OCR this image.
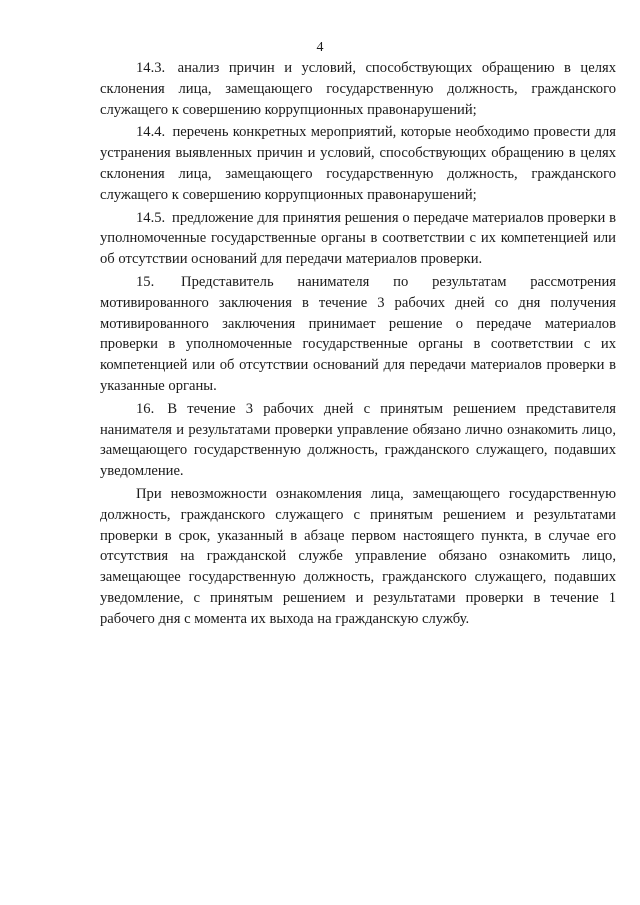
4

14.3. анализ причин и условий, способствующих обращению в целях склонения лица, замещающего государственную должность, гражданского служащего к совершению коррупционных правонарушений;

14.4. перечень конкретных мероприятий, которые необходимо провести для устранения выявленных причин и условий, способствующих обращению в целях склонения лица, замещающего государственную должность, гражданского служащего к совершению коррупционных правонарушений;

14.5. предложение для принятия решения о передаче материалов проверки в уполномоченные государственные органы в соответствии с их компетенцией или об отсутствии оснований для передачи материалов проверки.

15. Представитель нанимателя по результатам рассмотрения мотивированного заключения в течение 3 рабочих дней со дня получения мотивированного заключения принимает решение о передаче материалов проверки в уполномоченные государственные органы в соответствии с их компетенцией или об отсутствии оснований для передачи материалов проверки в указанные органы.

16. В течение 3 рабочих дней с принятым решением представителя нанимателя и результатами проверки управление обязано лично ознакомить лицо, замещающего государственную должность, гражданского служащего, подавших уведомление.

При невозможности ознакомления лица, замещающего государственную должность, гражданского служащего с принятым решением и результатами проверки в срок, указанный в абзаце первом настоящего пункта, в случае его отсутствия на гражданской службе управление обязано ознакомить лицо, замещающее государственную должность, гражданского служащего, подавших уведомление, с принятым решением и результатами проверки в течение 1 рабочего дня с момента их выхода на гражданскую службу.
